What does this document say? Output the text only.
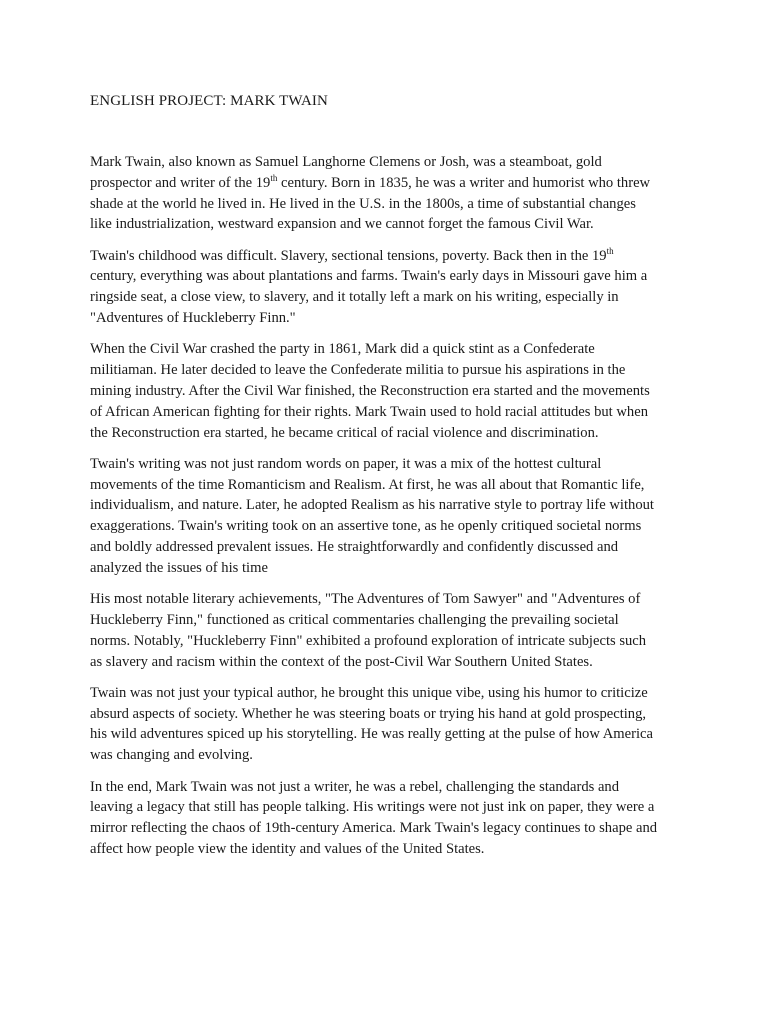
ENGLISH PROJECT: MARK TWAIN

Mark Twain, also known as Samuel Langhorne Clemens or Josh, was a steamboat, gold
prospector and writer of the 19th century. Born in 1835, he was a writer and humorist who threw
shade at the world he lived in. He lived in the U.S. in the 1800s, a time of substantial changes
like industrialization, westward expansion and we cannot forget the famous Civil War.

Twain's childhood was difficult. Slavery, sectional tensions, poverty. Back then in the 19th
century, everything was about plantations and farms. Twain's early days in Missouri gave him a
ringside seat, a close view, to slavery, and it totally left a mark on his writing, especially in
"Adventures of Huckleberry Finn."

When the Civil War crashed the party in 1861, Mark did a quick stint as a Confederate
militiaman. He later decided to leave the Confederate militia to pursue his aspirations in the
mining industry. After the Civil War finished, the Reconstruction era started and the movements
of African American fighting for their rights. Mark Twain used to hold racial attitudes but when
the Reconstruction era started, he became critical of racial violence and discrimination.

Twain's writing was not just random words on paper, it was a mix of the hottest cultural
movements of the time Romanticism and Realism. At first, he was all about that Romantic life,
individualism, and nature. Later, he adopted Realism as his narrative style to portray life without
exaggerations. Twain's writing took on an assertive tone, as he openly critiqued societal norms
and boldly addressed prevalent issues. He straightforwardly and confidently discussed and
analyzed the issues of his time

His most notable literary achievements, "The Adventures of Tom Sawyer" and "Adventures of
Huckleberry Finn," functioned as critical commentaries challenging the prevailing societal
norms. Notably, "Huckleberry Finn" exhibited a profound exploration of intricate subjects such
as slavery and racism within the context of the post-Civil War Southern United States.

Twain was not just your typical author, he brought this unique vibe, using his humor to criticize
absurd aspects of society. Whether he was steering boats or trying his hand at gold prospecting,
his wild adventures spiced up his storytelling. He was really getting at the pulse of how America
was changing and evolving.

In the end, Mark Twain was not just a writer, he was a rebel, challenging the standards and
leaving a legacy that still has people talking. His writings were not just ink on paper, they were a
mirror reflecting the chaos of 19th-century America. Mark Twain's legacy continues to shape and
affect how people view the identity and values of the United States.
